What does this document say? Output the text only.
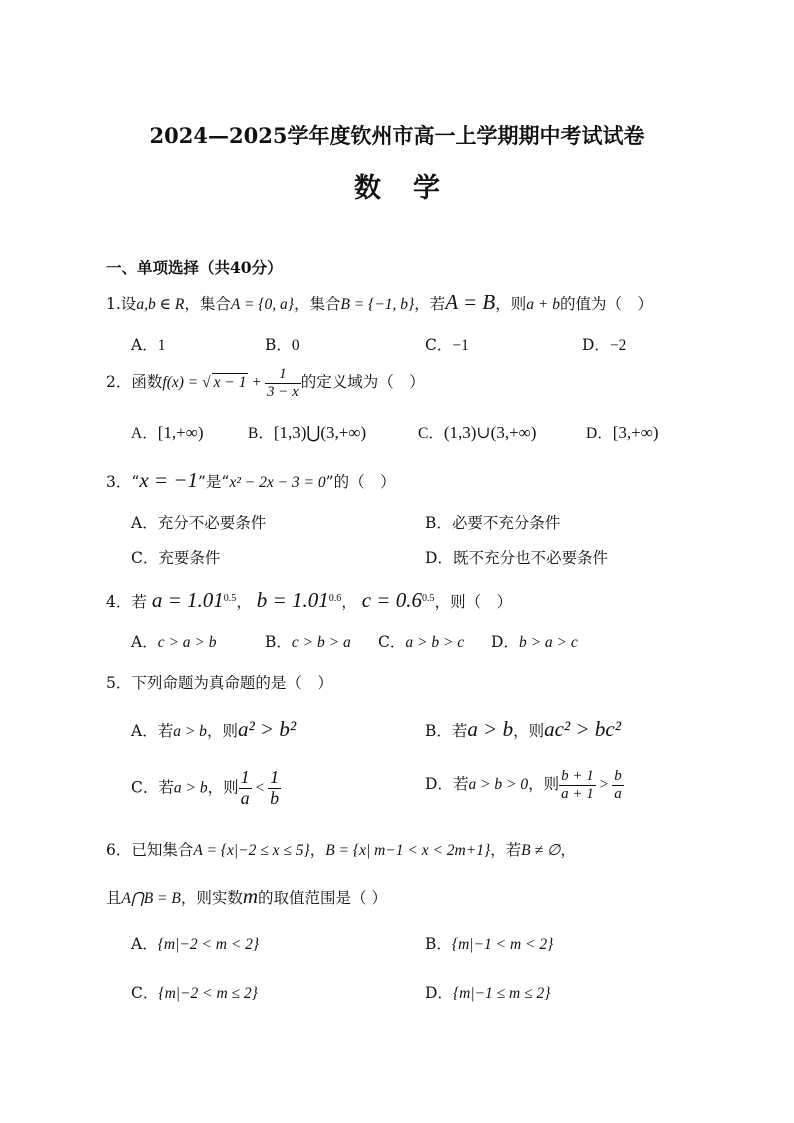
2024—2025学年度钦州市高一上学期期中考试试卷
数学
一、单项选择（共40分）
1.设a,b ∈ R，集合A = {0, a}，集合B = {−1, b}，若A = B，则a + b的值为（　）
A．1	B．0	C．−1	D．−2
2．函数f(x) = √ $x - 1 + \frac{1}{3 - x}$ 的定义域为（　）
A．[1,+∞)	B．[1,3)⋃(3,+∞)	C．(1,3)∪(3,+∞)	D．[3,+∞)
3．“x = −1”是“x² − 2x − 3 = 0”的（　）
A．充分不必要条件	B．必要不充分条件
C．充要条件	D．既不充分也不必要条件
4．若 $a = 1.01^{0.5}$， $b = 1.01^{0.6}$， $c = 0.6^{0.5}$，则（　）
A．c > a > b	B．c > b > a C．a > b > c D．b > a > c
5．下列命题为真命题的是（　）
A．若a > b，则a² > b²	B．若a > b，则ac² > bc²
C．若a > b，则 $\frac{1}{a} < \frac{1}{b}$	D．若a > b > 0，则 $\frac{b + 1}{a + 1} > \frac{b}{a}$
6．已知集合A = {x|−2 ≤ x ≤ 5}，B = {x| m−1 < x < 2m+1}，若B ≠ ∅，
且A⋂B = B，则实数m的取值范围是（ ）
A．{m|−2 < m < 2}	B．{m|−1 < m < 2}
C．{m|−2 < m ≤ 2}	D．{m|−1 ≤ m ≤ 2}
